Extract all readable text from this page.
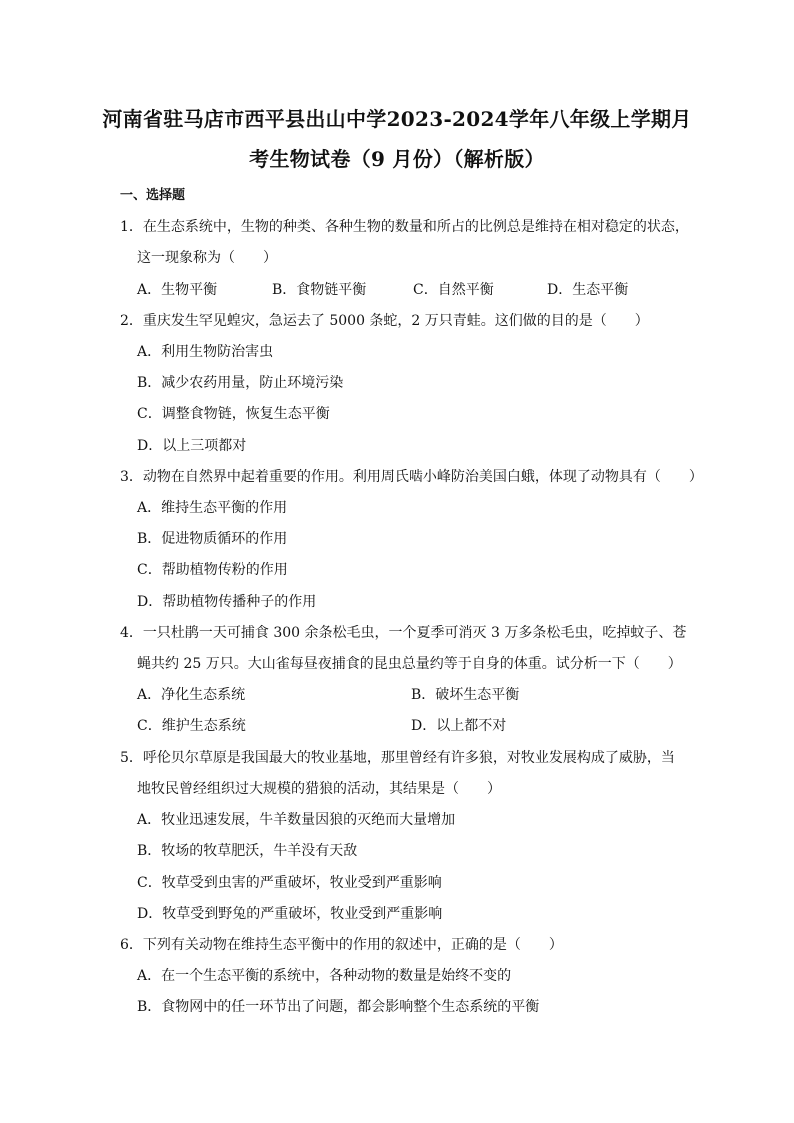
河南省驻马店市西平县出山中学2023-2024学年八年级上学期月
考生物试卷（9 月份）（解析版）
一、选择题
1．在生态系统中，生物的种类、各种生物的数量和所占的比例总是维持在相对稳定的状态，
这一现象称为（　　）
A．生物平衡	B．食物链平衡	C．自然平衡	D．生态平衡
2．重庆发生罕见蝗灾，急运去了 5000 条蛇，2 万只青蛙。这们做的目的是（　　）
A．利用生物防治害虫
B．减少农药用量，防止环境污染
C．调整食物链，恢复生态平衡
D．以上三项都对
3．动物在自然界中起着重要的作用。利用周氏啮小峰防治美国白蛾，体现了动物具有（　　）
A．维持生态平衡的作用
B．促进物质循环的作用
C．帮助植物传粉的作用
D．帮助植物传播种子的作用
4．一只杜鹃一天可捕食 300 余条松毛虫，一个夏季可消灭 3 万多条松毛虫，吃掉蚊子、苍
蝇共约 25 万只。大山雀每昼夜捕食的昆虫总量约等于自身的体重。试分析一下（　　）
A．净化生态系统	B．破坏生态平衡
C．维护生态系统	D．以上都不对
5．呼伦贝尔草原是我国最大的牧业基地，那里曾经有许多狼，对牧业发展构成了威胁，当
地牧民曾经组织过大规模的猎狼的活动，其结果是（　　）
A．牧业迅速发展，牛羊数量因狼的灭绝而大量增加
B．牧场的牧草肥沃，牛羊没有天敌
C．牧草受到虫害的严重破坏，牧业受到严重影响
D．牧草受到野兔的严重破坏，牧业受到严重影响
6．下列有关动物在维持生态平衡中的作用的叙述中，正确的是（　　）
A．在一个生态平衡的系统中，各种动物的数量是始终不变的
B．食物网中的任一环节出了问题，都会影响整个生态系统的平衡
